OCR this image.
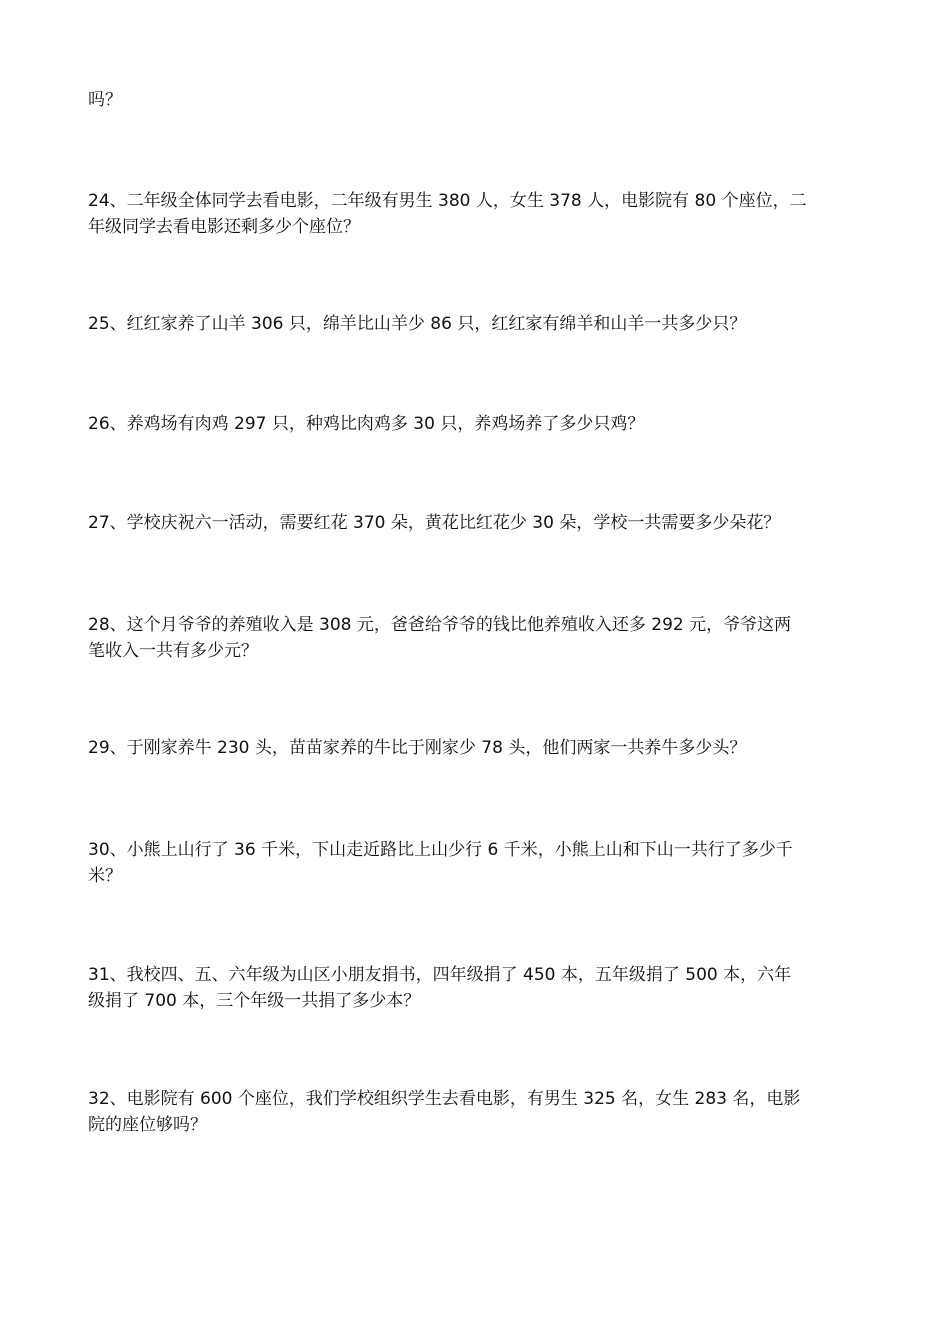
吗？
24、二年级全体同学去看电影，二年级有男生 380 人，女生 378 人，电影院有 80 个座位，二
年级同学去看电影还剩多少个座位？
25、红红家养了山羊 306 只，绵羊比山羊少 86 只，红红家有绵羊和山羊一共多少只？
26、养鸡场有肉鸡 297 只，种鸡比肉鸡多 30 只，养鸡场养了多少只鸡？
27、学校庆祝六一活动，需要红花 370 朵，黄花比红花少 30 朵，学校一共需要多少朵花？
28、这个月爷爷的养殖收入是 308 元，爸爸给爷爷的钱比他养殖收入还多 292 元，爷爷这两
笔收入一共有多少元？
29、于刚家养牛 230 头，苗苗家养的牛比于刚家少 78 头，他们两家一共养牛多少头？
30、小熊上山行了 36 千米，下山走近路比上山少行 6 千米，小熊上山和下山一共行了多少千
米？
31、我校四、五、六年级为山区小朋友捐书，四年级捐了 450 本，五年级捐了 500 本，六年
级捐了 700 本，三个年级一共捐了多少本？
32、电影院有 600 个座位，我们学校组织学生去看电影，有男生 325 名，女生 283 名，电影
院的座位够吗？
